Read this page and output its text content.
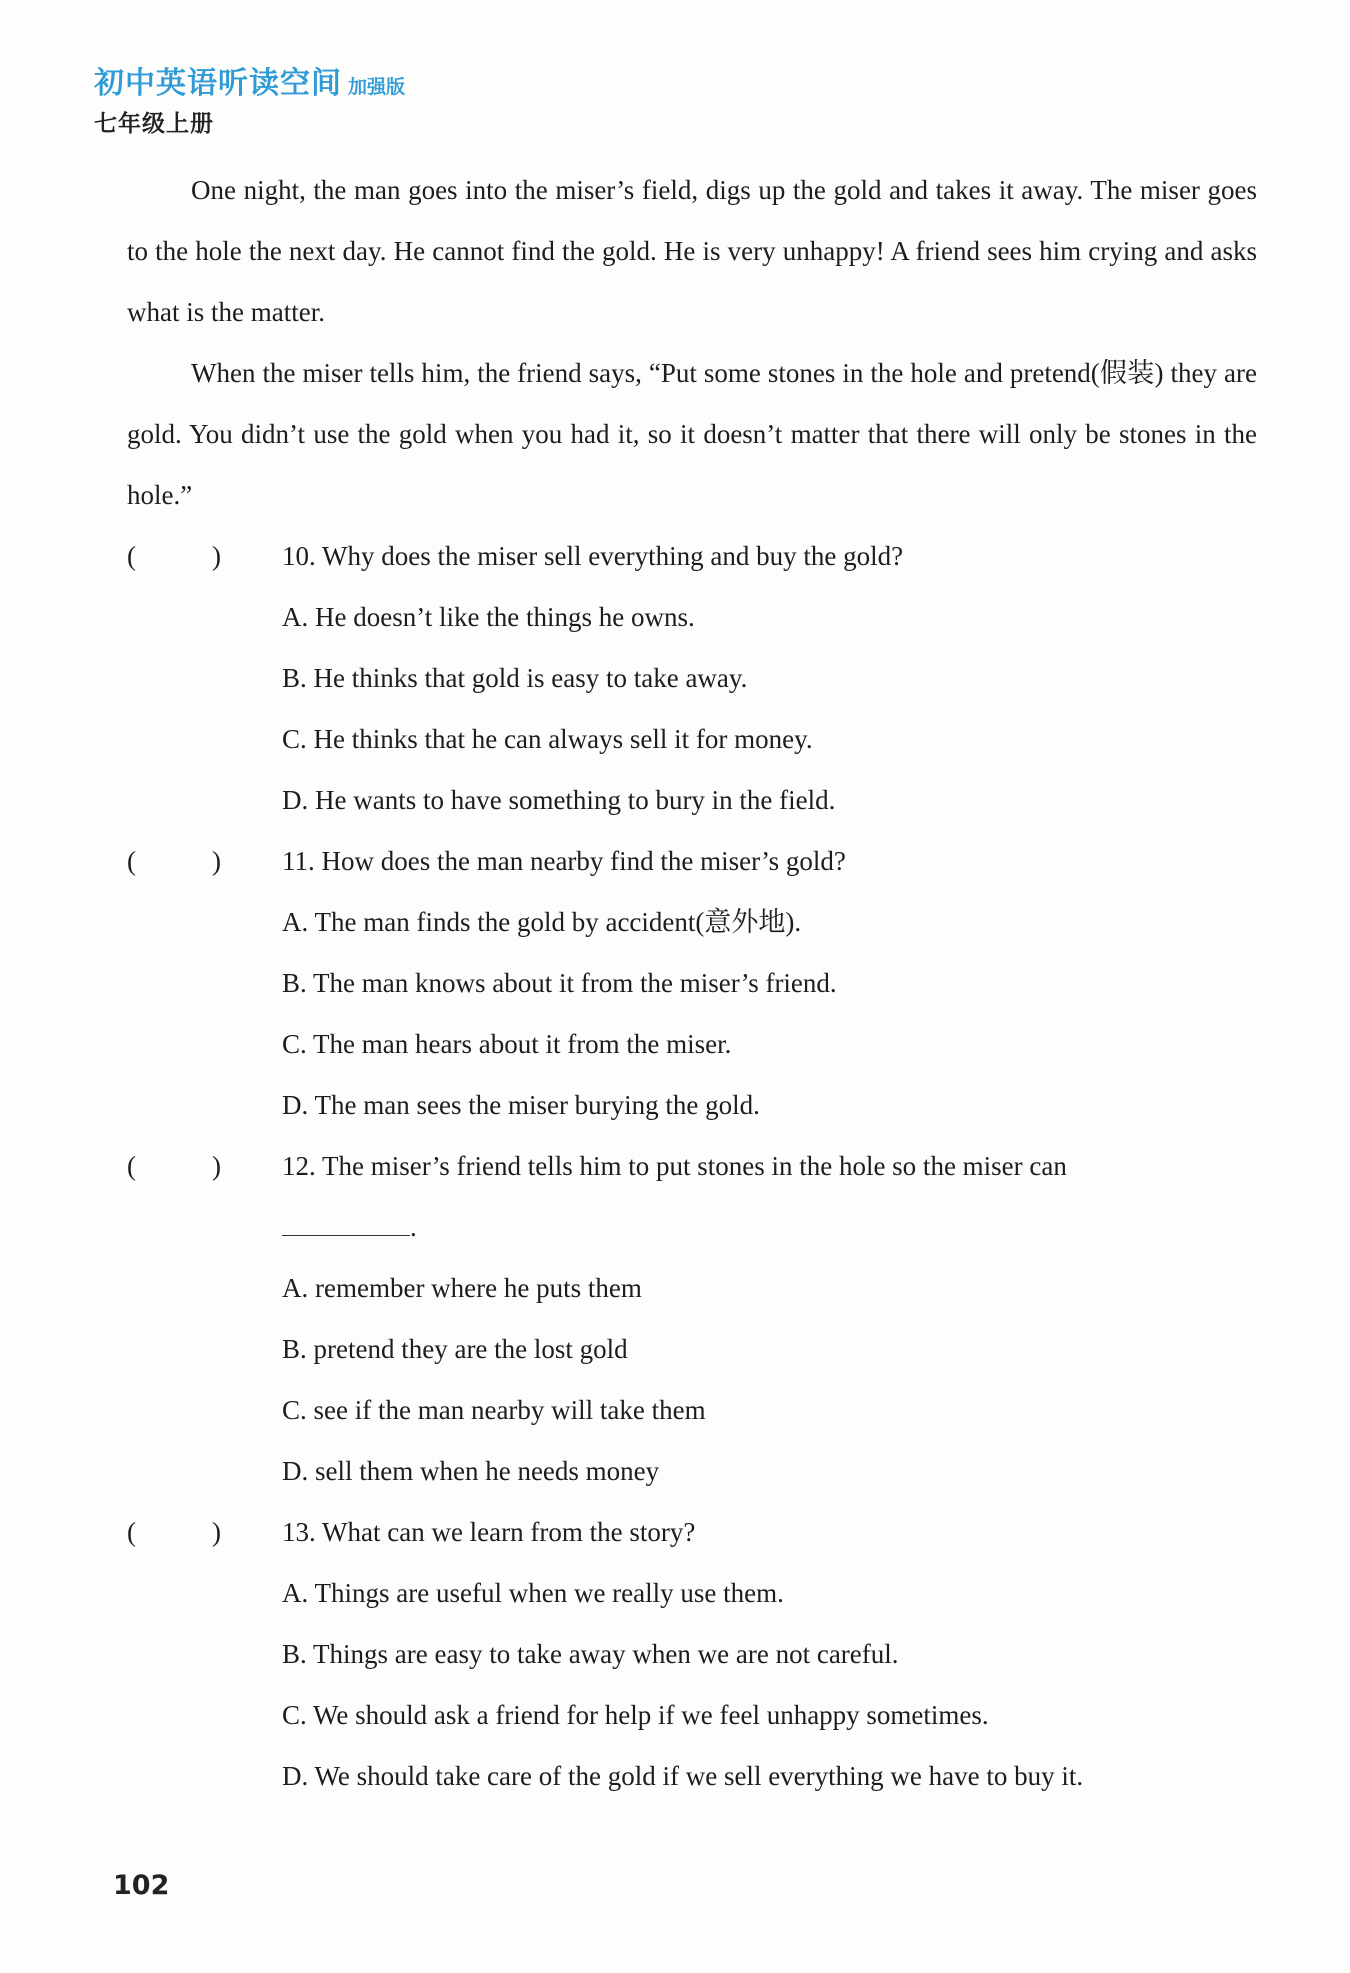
初中英语听读空间 加强版
七年级上册

One night, the man goes into the miser’s field, digs up the gold and takes it away. The miser goes to the hole the next day. He cannot find the gold. He is very unhappy! A friend sees him crying and asks what is the matter.

When the miser tells him, the friend says, “Put some stones in the hole and pretend(假装) they are gold. You didn’t use the gold when you had it, so it doesn’t matter that there will only be stones in the hole.”

(	) 10. Why does the miser sell everything and buy the gold?
A. He doesn’t like the things he owns.
B. He thinks that gold is easy to take away.
C. He thinks that he can always sell it for money.
D. He wants to have something to bury in the field.
(	) 11. How does the man nearby find the miser’s gold?
A. The man finds the gold by accident(意外地).
B. The man knows about it from the miser’s friend.
C. The man hears about it from the miser.
D. The man sees the miser burying the gold.
(	) 12. The miser’s friend tells him to put stones in the hole so the miser can
.
A. remember where he puts them
B. pretend they are the lost gold
C. see if the man nearby will take them
D. sell them when he needs money
(	) 13. What can we learn from the story?
A. Things are useful when we really use them.
B. Things are easy to take away when we are not careful.
C. We should ask a friend for help if we feel unhappy sometimes.
D. We should take care of the gold if we sell everything we have to buy it.
102
